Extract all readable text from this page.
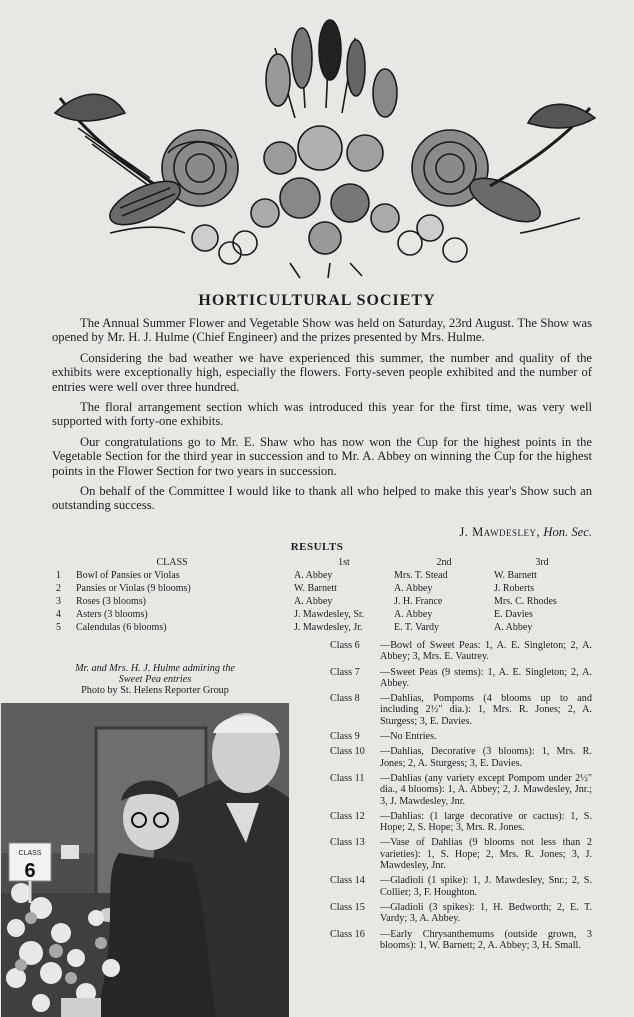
HORTICULTURAL SOCIETY

The Annual Summer Flower and Vegetable Show was held on Saturday, 23rd August. The Show was opened by Mr. H. J. Hulme (Chief Engineer) and the prizes presented by Mrs. Hulme.

Considering the bad weather we have experienced this summer, the number and quality of the exhibits were exceptionally high, especially the flowers. Forty-seven people exhibited and the number of entries were well over three hundred.

The floral arrangement section which was introduced this year for the first time, was very well supported with forty-one exhibits.

Our congratulations go to Mr. E. Shaw who has now won the Cup for the highest points in the Vegetable Section for the third year in succession and to Mr. A. Abbey on winning the Cup for the highest points in the Flower Section for two years in succession.

On behalf of the Committee I would like to thank all who helped to make this year's Show such an outstanding success.

J. Mawdesley, Hon. Sec.
RESULTS
CLASS		1st	2nd	3rd
1	Bowl of Pansies or Violas	A. Abbey	Mrs. T. Stead	W. Barnett
2	Pansies or Violas (9 blooms)	W. Barnett	A. Abbey	J. Roberts
3	Roses (3 blooms)	A. Abbey	J. H. France	Mrs. C. Rhodes
4	Asters (3 blooms)	J. Mawdesley, Sr.	A. Abbey	E. Davies
5	Calendulas (6 blooms)	J. Mawdesley, Jr.	E. T. Vardy	A. Abbey
Class 6	—Bowl of Sweet Peas: 1, A. E. Singleton; 2, A. Abbey; 3, Mrs. E. Vautrey.
Class 7	—Sweet Peas (9 stems): 1, A. E. Singleton; 2, A. Abbey.
Class 8	—Dahlias, Pompoms (4 blooms up to and including 2½" dia.): 1, Mrs. R. Jones; 2, A. Sturgess; 3, E. Davies.
Class 9	—No Entries.
Class 10	—Dahlias, Decorative (3 blooms): 1, Mrs. R. Jones; 2, A. Sturgess; 3, E. Davies.
Class 11	—Dahlias (any variety except Pompom under 2½" dia., 4 blooms): 1, A. Abbey; 2, J. Mawdesley, Jnr.; 3, J. Mawdesley, Jnr.
Class 12	—Dahlias: (1 large decorative or cactus): 1, S. Hope; 2, S. Hope; 3, Mrs. R. Jones.
Class 13	—Vase of Dahlias (9 blooms not less than 2 varieties): 1, S. Hope; 2, Mrs. R. Jones; 3, J. Mawdesley, Jnr.
Class 14	—Gladioli (1 spike): 1, J. Mawdesley, Snr.; 2, S. Collier; 3, F. Houghton.
Class 15	—Gladioli (3 spikes): 1, H. Bedworth; 2, E. T. Vardy; 3, A. Abbey.
Class 16	—Early Chrysanthemums (outside grown, 3 blooms): 1, W. Barnett; 2, A. Abbey; 3, H. Small.
Mr. and Mrs. H. J. Hulme admiring the
Sweet Pea entries
Photo by St. Helens Reporter Group
CLASS
6
